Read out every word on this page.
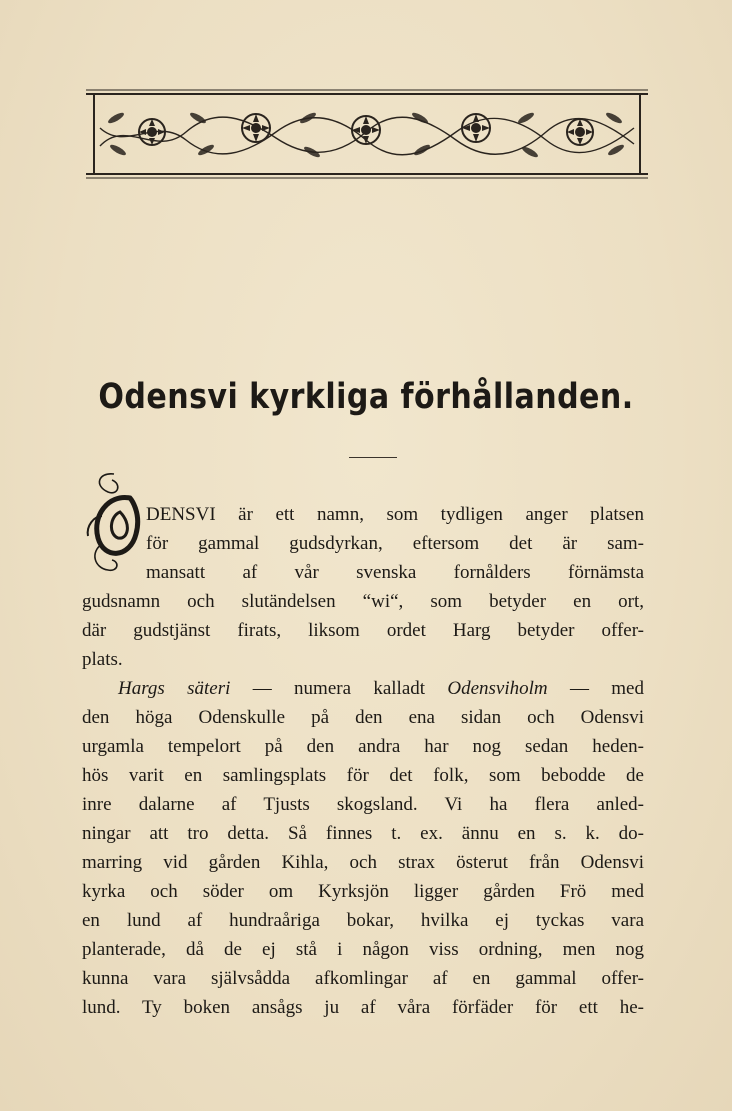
Odensvi kyrkliga förhållanden.
DENSVI är ett namn, som tydligen anger platsen
för gammal gudsdyrkan, eftersom det är sam-
mansatt af vår svenska fornålders förnämsta
gudsnamn och slutändelsen “wi“, som betyder en ort,
där gudstjänst firats, liksom ordet Harg betyder offer-
plats.
Hargs säteri — numera kalladt Odensviholm — med
den höga Odenskulle på den ena sidan och Odensvi
urgamla tempelort på den andra har nog sedan heden-
hös varit en samlingsplats för det folk, som bebodde de
inre dalarne af Tjusts skogsland. Vi ha flera anled-
ningar att tro detta. Så finnes t. ex. ännu en s. k. do-
marring vid gården Kihla, och strax österut från Odensvi
kyrka och söder om Kyrksjön ligger gården Frö med
en lund af hundraåriga bokar, hvilka ej tyckas vara
planterade, då de ej stå i någon viss ordning, men nog
kunna vara självsådda afkomlingar af en gammal offer-
lund. Ty boken ansågs ju af våra förfäder för ett he-
